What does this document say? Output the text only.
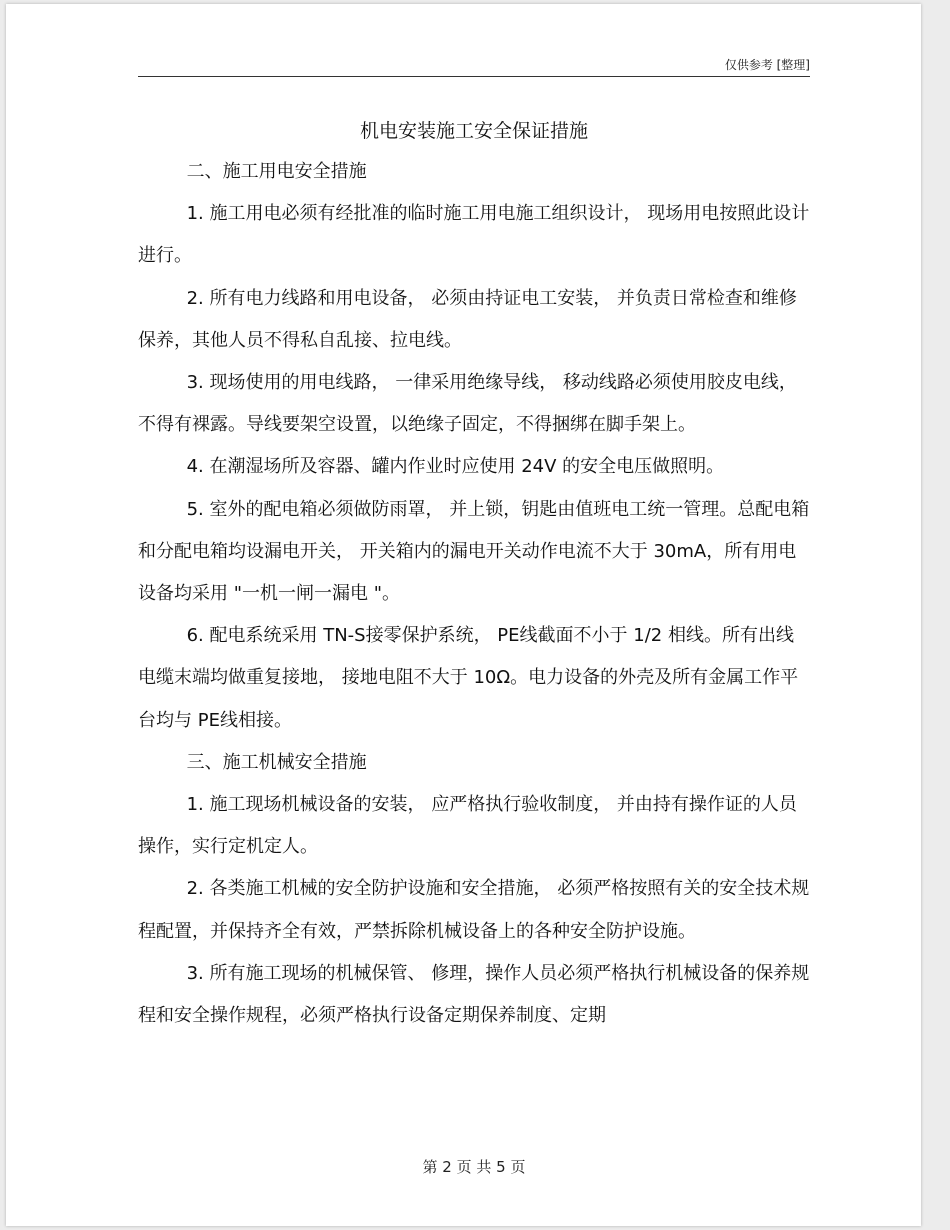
仅供参考 [整理]
机电安装施工安全保证措施

二、施工用电安全措施

1. 施工用电必须有经批准的临时施工用电施工组织设计， 现场用电按照此设计进行。

2. 所有电力线路和用电设备， 必须由持证电工安装， 并负责日常检查和维修保养，其他人员不得私自乱接、拉电线。

3. 现场使用的用电线路， 一律采用绝缘导线， 移动线路必须使用胶皮电线，不得有裸露。导线要架空设置，以绝缘子固定，不得捆绑在脚手架上。

4. 在潮湿场所及容器、罐内作业时应使用 24V 的安全电压做照明。

5. 室外的配电箱必须做防雨罩， 并上锁，钥匙由值班电工统一管理。总配电箱和分配电箱均设漏电开关， 开关箱内的漏电开关动作电流不大于 30mA，所有用电设备均采用 "一机一闸一漏电 "。

6. 配电系统采用 TN-S接零保护系统， PE线截面不小于 1/2 相线。所有出线电缆末端均做重复接地， 接地电阻不大于 10Ω。电力设备的外壳及所有金属工作平台均与 PE线相接。

三、施工机械安全措施

1. 施工现场机械设备的安装， 应严格执行验收制度， 并由持有操作证的人员操作，实行定机定人。

2. 各类施工机械的安全防护设施和安全措施， 必须严格按照有关的安全技术规程配置，并保持齐全有效，严禁拆除机械设备上的各种安全防护设施。

3. 所有施工现场的机械保管、 修理，操作人员必须严格执行机械设备的保养规程和安全操作规程，必须严格执行设备定期保养制度、定期

第 2 页 共 5 页
